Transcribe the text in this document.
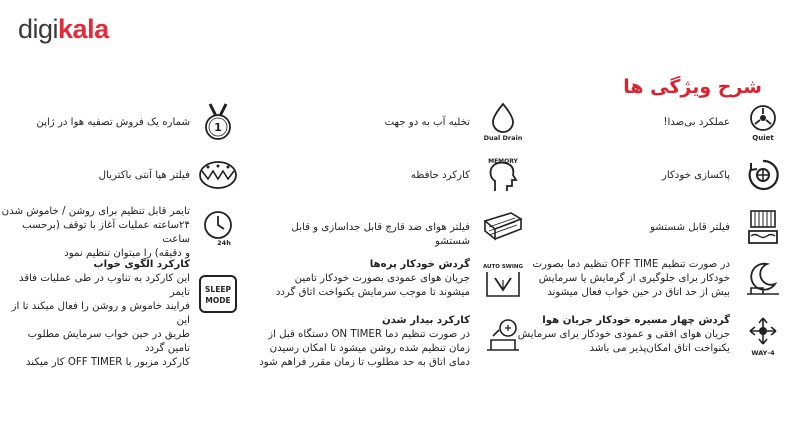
digikala
شرح ویژگی ها
Quiet
عملکرد بی‌صدا!
پاکسازی خودکار
فیلتر قابل شستشو
در صورت تنظیم OFF TIME تنظیم دما بصورت
خودکار برای جلوگیری از گرمایش یا سرمایش
بیش از حد اتاق در حین خواب فعال میشوند
4-WAY
گردش چهار مسیره خودکار جریان هوا
جریان هوای افقی و عمودی خودکار برای سرمایش
یکنواخت اتاق امکان‌پذیر می باشد
Dual Drain
تخلیه آب به دو جهت
MEMORY
کارکرد حافظه
فیلتر هوای ضد قارچ قابل جداسازی و قابل شستشو
AUTO SWING
گردش خودکار پره‌ها
جریان هوای عمودی بصورت خودکار تامین
میشوند تا موجب سرمایش یکنواخت اتاق گردد
کارکرد بیدار شدن
در صورت تنظیم دما ON TIMER دستگاه قبل از
زمان تنظیم شده روشن میشود تا امکان رسیدن
دمای اتاق به حد مطلوب تا زمان مقرر فراهم شود
1
شماره یک فروش تصفیه هوا در ژاپن
فیلتر هپا آنتی باکتریال
24h
تایمر قابل تنظیم برای روشن / خاموش شدن
۲۴ساعته عملیات آغاز با توقف (برحسب ساعت
و دقیقه) را میتوان تنظیم نمود
SLEEP
MODE
کارکرد الگوی خواب
این کارکرد به تناوب در طی عملیات فاقد تایمر
فرایند خاموش و روشن را فعال میکند تا از این
طریق در حین خواب سرمایش مطلوب تامین گردد
کارکرد مزبور با OFF TIMER کار میکند
